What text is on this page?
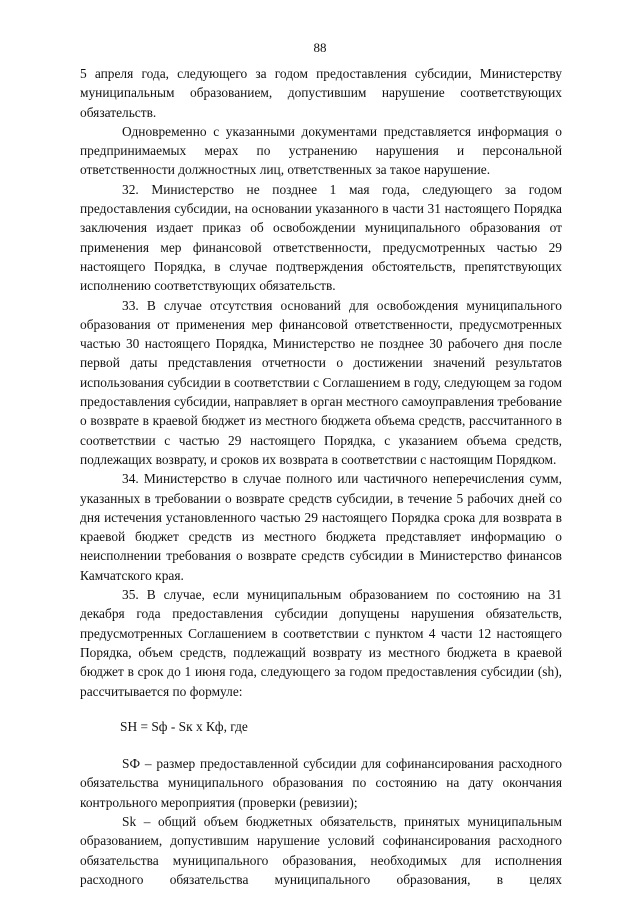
88

5 апреля года, следующего за годом предоставления субсидии, Министерству муниципальным образованием, допустившим нарушение соответствующих обязательств.

Одновременно с указанными документами представляется информация о предпринимаемых мерах по устранению нарушения и персональной ответственности должностных лиц, ответственных за такое нарушение.

32. Министерство не позднее 1 мая года, следующего за годом предоставления субсидии, на основании указанного в части 31 настоящего Порядка заключения издает приказ об освобождении муниципального образования от применения мер финансовой ответственности, предусмотренных частью 29 настоящего Порядка, в случае подтверждения обстоятельств, препятствующих исполнению соответствующих обязательств.

33. В случае отсутствия оснований для освобождения муниципального образования от применения мер финансовой ответственности, предусмотренных частью 30 настоящего Порядка, Министерство не позднее 30 рабочего дня после первой даты представления отчетности о достижении значений результатов использования субсидии в соответствии с Соглашением в году, следующем за годом предоставления субсидии, направляет в орган местного самоуправления требование о возврате в краевой бюджет из местного бюджета объема средств, рассчитанного в соответствии с частью 29 настоящего Порядка, с указанием объема средств, подлежащих возврату, и сроков их возврата в соответствии с настоящим Порядком.

34. Министерство в случае полного или частичного неперечисления сумм, указанных в требовании о возврате средств субсидии, в течение 5 рабочих дней со дня истечения установленного частью 29 настоящего Порядка срока для возврата в краевой бюджет средств из местного бюджета представляет информацию о неисполнении требования о возврате средств субсидии в Министерство финансов Камчатского края.

35. В случае, если муниципальным образованием по состоянию на 31 декабря года предоставления субсидии допущены нарушения обязательств, предусмотренных Соглашением в соответствии с пунктом 4 части 12 настоящего Порядка, объем средств, подлежащий возврату из местного бюджета в краевой бюджет в срок до 1 июня года, следующего за годом предоставления субсидии (sh), рассчитывается по формуле:

SH = Sф - Sк х Кф, где

SФ – размер предоставленной субсидии для софинансирования расходного обязательства муниципального образования по состоянию на дату окончания контрольного мероприятия (проверки (ревизии);

Sk – общий объем бюджетных обязательств, принятых муниципальным образованием, допустившим нарушение условий софинансирования расходного обязательства муниципального образования, необходимых для исполнения расходного обязательства муниципального образования, в целях
